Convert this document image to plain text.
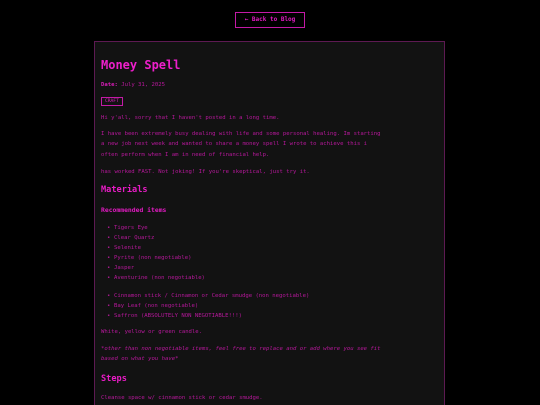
← Back to Blog
Money Spell
Date: July 31, 2025
CRAFT
Hi y'all, sorry that I haven't posted in a long time.
I have been extremely busy dealing with life and some personal healing. Im starting
a new job next week and wanted to share a money spell I wrote to achieve this i
often perform when I am in need of financial help.
has worked FAST. Not joking! If you're skeptical, just try it.
Materials
Recommended items
• Tigers Eye
• Clear Quartz
• Selenite
• Pyrite (non negotiable)
• Jasper
• Aventurine (non negotiable)
• Cinnamon stick / Cinnamon or Cedar smudge (non negotiable)
• Bay Leaf (non negotiable)
• Saffron (ABSOLUTELY NON NEGOTIABLE!!!)
White, yellow or green candle.
*other than non negotiable items, feel free to replace and or add where you see fit
based on what you have*
Steps
Cleanse space w/ cinnamon stick or cedar smudge.
